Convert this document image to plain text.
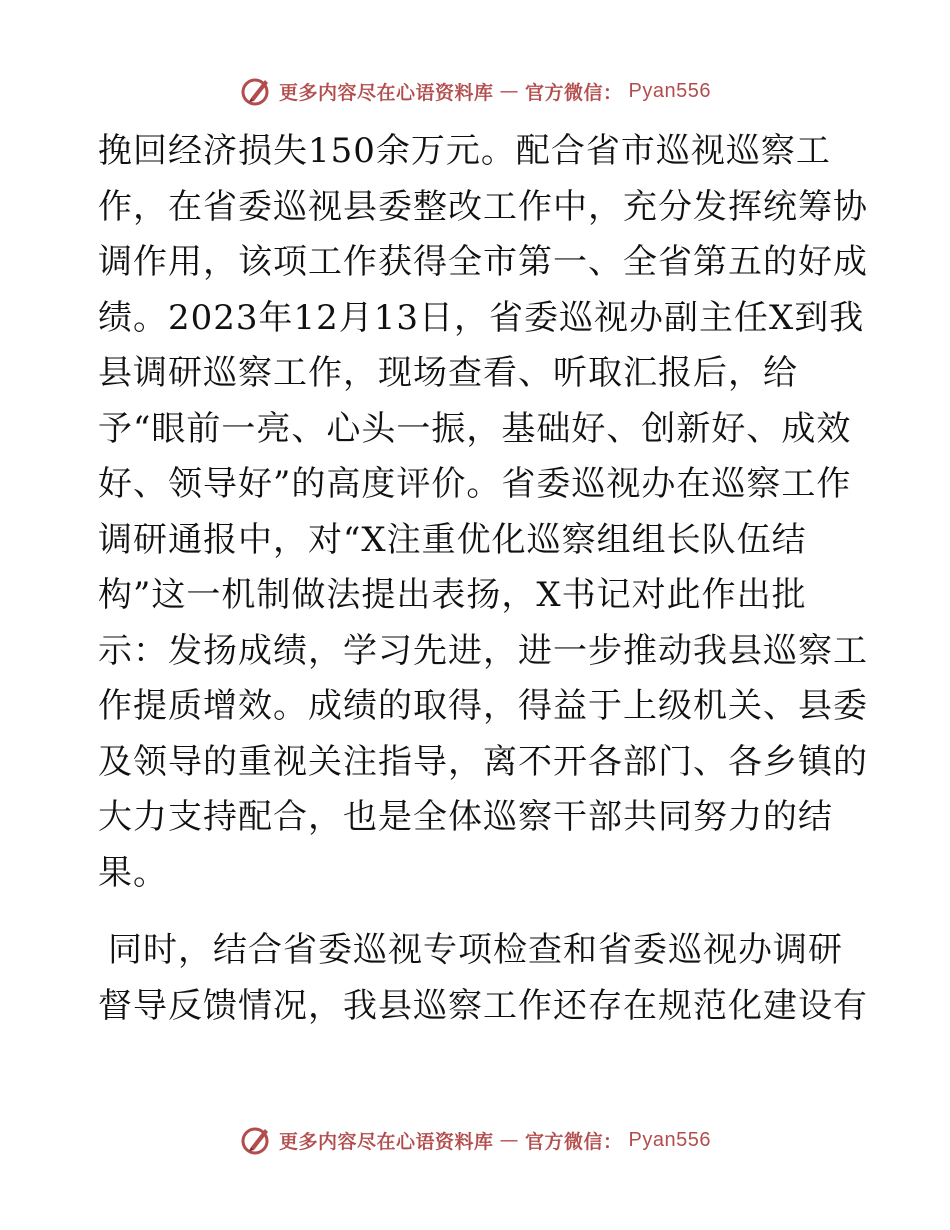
更多内容尽在心语资料库 — 官方微信： Pyan556
挽回经济损失150余万元。配合省市巡视巡察工
作，在省委巡视县委整改工作中，充分发挥统筹协
调作用，该项工作获得全市第一、全省第五的好成
绩。2023年12月13日，省委巡视办副主任X到我
县调研巡察工作，现场查看、听取汇报后，给
予“眼前一亮、心头一振，基础好、创新好、成效
好、领导好”的高度评价。省委巡视办在巡察工作
调研通报中，对“X注重优化巡察组组长队伍结
构”这一机制做法提出表扬，X书记对此作出批
示：发扬成绩，学习先进，进一步推动我县巡察工
作提质增效。成绩的取得，得益于上级机关、县委
及领导的重视关注指导，离不开各部门、各乡镇的
大力支持配合，也是全体巡察干部共同努力的结
果。
同时，结合省委巡视专项检查和省委巡视办调研
督导反馈情况，我县巡察工作还存在规范化建设有
更多内容尽在心语资料库 — 官方微信： Pyan556
